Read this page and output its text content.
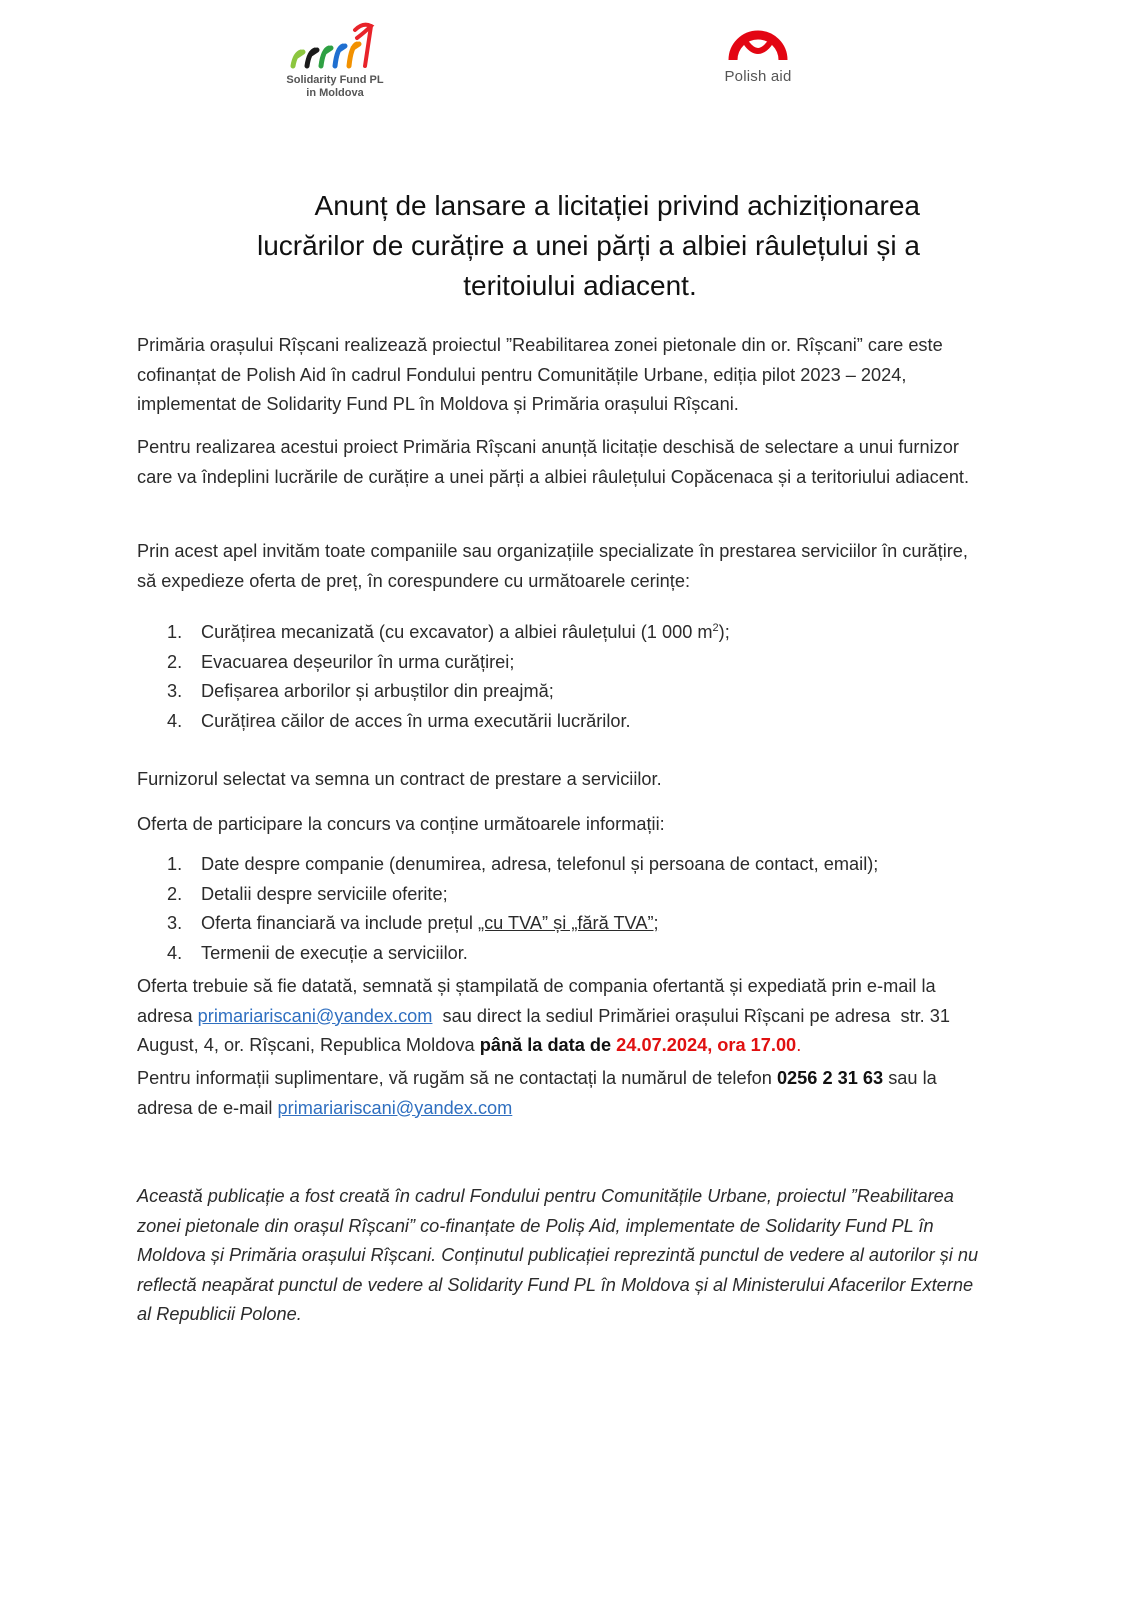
Solidarity Fund PL
in Moldova
Polish aid
Anunț de lansare a licitației privind achiziționarea
lucrărilor de curățire a unei părți a albiei râulețului și a
teritoiului adiacent.

Primăria orașului Rîșcani realizează proiectul ”Reabilitarea zonei pietonale din or. Rîșcani” care este cofinanțat de Polish Aid în cadrul Fondului pentru Comunitățile Urbane, ediția pilot 2023 – 2024, implementat de Solidarity Fund PL în Moldova și Primăria orașului Rîșcani.

Pentru realizarea acestui proiect Primăria Rîșcani anunță licitație deschisă de selectare a unui furnizor care va îndeplini lucrările de curățire a unei părți a albiei râulețului Copăcenaca și a teritoriului adiacent.

Prin acest apel invităm toate companiile sau organizațiile specializate în prestarea serviciilor în curățire, să expedieze oferta de preț, în corespundere cu următoarele cerințe:

1. Curățirea mecanizată (cu excavator) a albiei râulețului (1 000 $m^2$);
2. Evacuarea deșeurilor în urma curățirei;
3. Defișarea arborilor și arbuștilor din preajmă;
4. Curățirea căilor de acces în urma executării lucrărilor.

Furnizorul selectat va semna un contract de prestare a serviciilor.

Oferta de participare la concurs va conține următoarele informații:

1. Date despre companie (denumirea, adresa, telefonul și persoana de contact, email);
2. Detalii despre serviciile oferite;
3. Oferta financiară va include prețul „cu TVA” și „fără TVA”;
4. Termenii de execuție a serviciilor.

Oferta trebuie să fie datată, semnată și ștampilată de compania ofertantă și expediată prin e-mail la adresa primariariscani@yandex.com  sau direct la sediul Primăriei orașului Rîșcani pe adresa  str. 31 August, 4, or. Rîșcani, Republica Moldova până la data de 24.07.2024, ora 17.00.

Pentru informații suplimentare, vă rugăm să ne contactați la numărul de telefon 0256 2 31 63 sau la adresa de e-mail primariariscani@yandex.com

Această publicație a fost creată în cadrul Fondului pentru Comunitățile Urbane, proiectul ”Reabilitarea zonei pietonale din orașul Rîșcani” co-finanțate de Poliș Aid, implementate de Solidarity Fund PL în Moldova și Primăria orașului Rîșcani. Conținutul publicației reprezintă punctul de vedere al autorilor și nu reflectă neapărat punctul de vedere al Solidarity Fund PL în Moldova și al Ministerului Afacerilor Externe al Republicii Polone.
